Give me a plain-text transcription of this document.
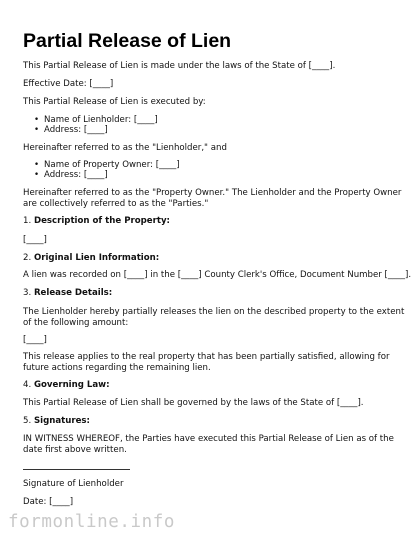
Partial Release of Lien

This Partial Release of Lien is made under the laws of the State of [____].

Effective Date: [____]

This Partial Release of Lien is executed by:

• Name of Lienholder: [____]

• Address: [____]

Hereinafter referred to as the "Lienholder," and

• Name of Property Owner: [____]

• Address: [____]

Hereinafter referred to as the "Property Owner." The Lienholder and the Property Owner

are collectively referred to as the "Parties."

1. Description of the Property:

[____]

2. Original Lien Information:

A lien was recorded on [____] in the [____] County Clerk's Office, Document Number [____].

3. Release Details:

The Lienholder hereby partially releases the lien on the described property to the extent

of the following amount:

[____]

This release applies to the real property that has been partially satisfied, allowing for

future actions regarding the remaining lien.

4. Governing Law:

This Partial Release of Lien shall be governed by the laws of the State of [____].

5. Signatures:

IN WITNESS WHEREOF, the Parties have executed this Partial Release of Lien as of the

date first above written.

Signature of Lienholder

Date: [____]

formonline.info
